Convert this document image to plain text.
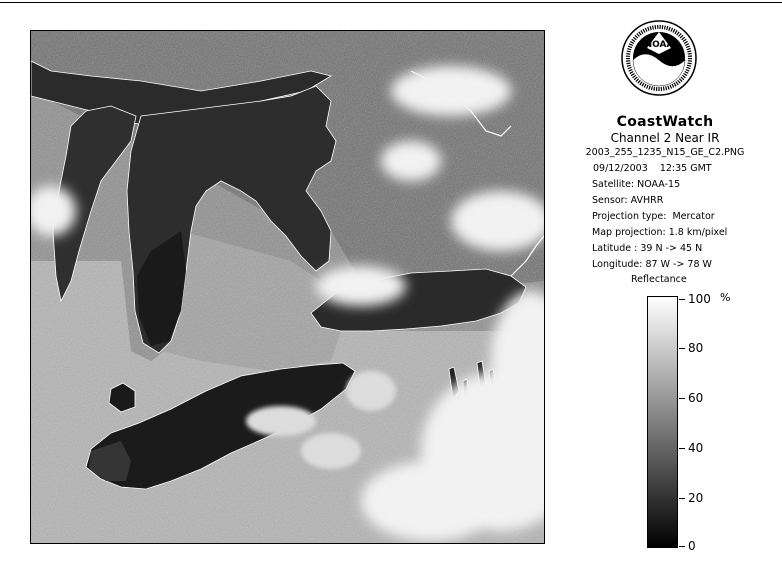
NOAA
CoastWatch
Channel 2 Near IR
2003_255_1235_N15_GE_C2.PNG
09/12/2003    12:35 GMT
Satellite: NOAA-15
Sensor: AVHRR
Projection type:  Mercator
Map projection: 1.8 km/pixel
Latitude : 39 N -> 45 N
Longitude: 87 W -> 78 W
Reflectance
%
100
80
60
40
20
0
